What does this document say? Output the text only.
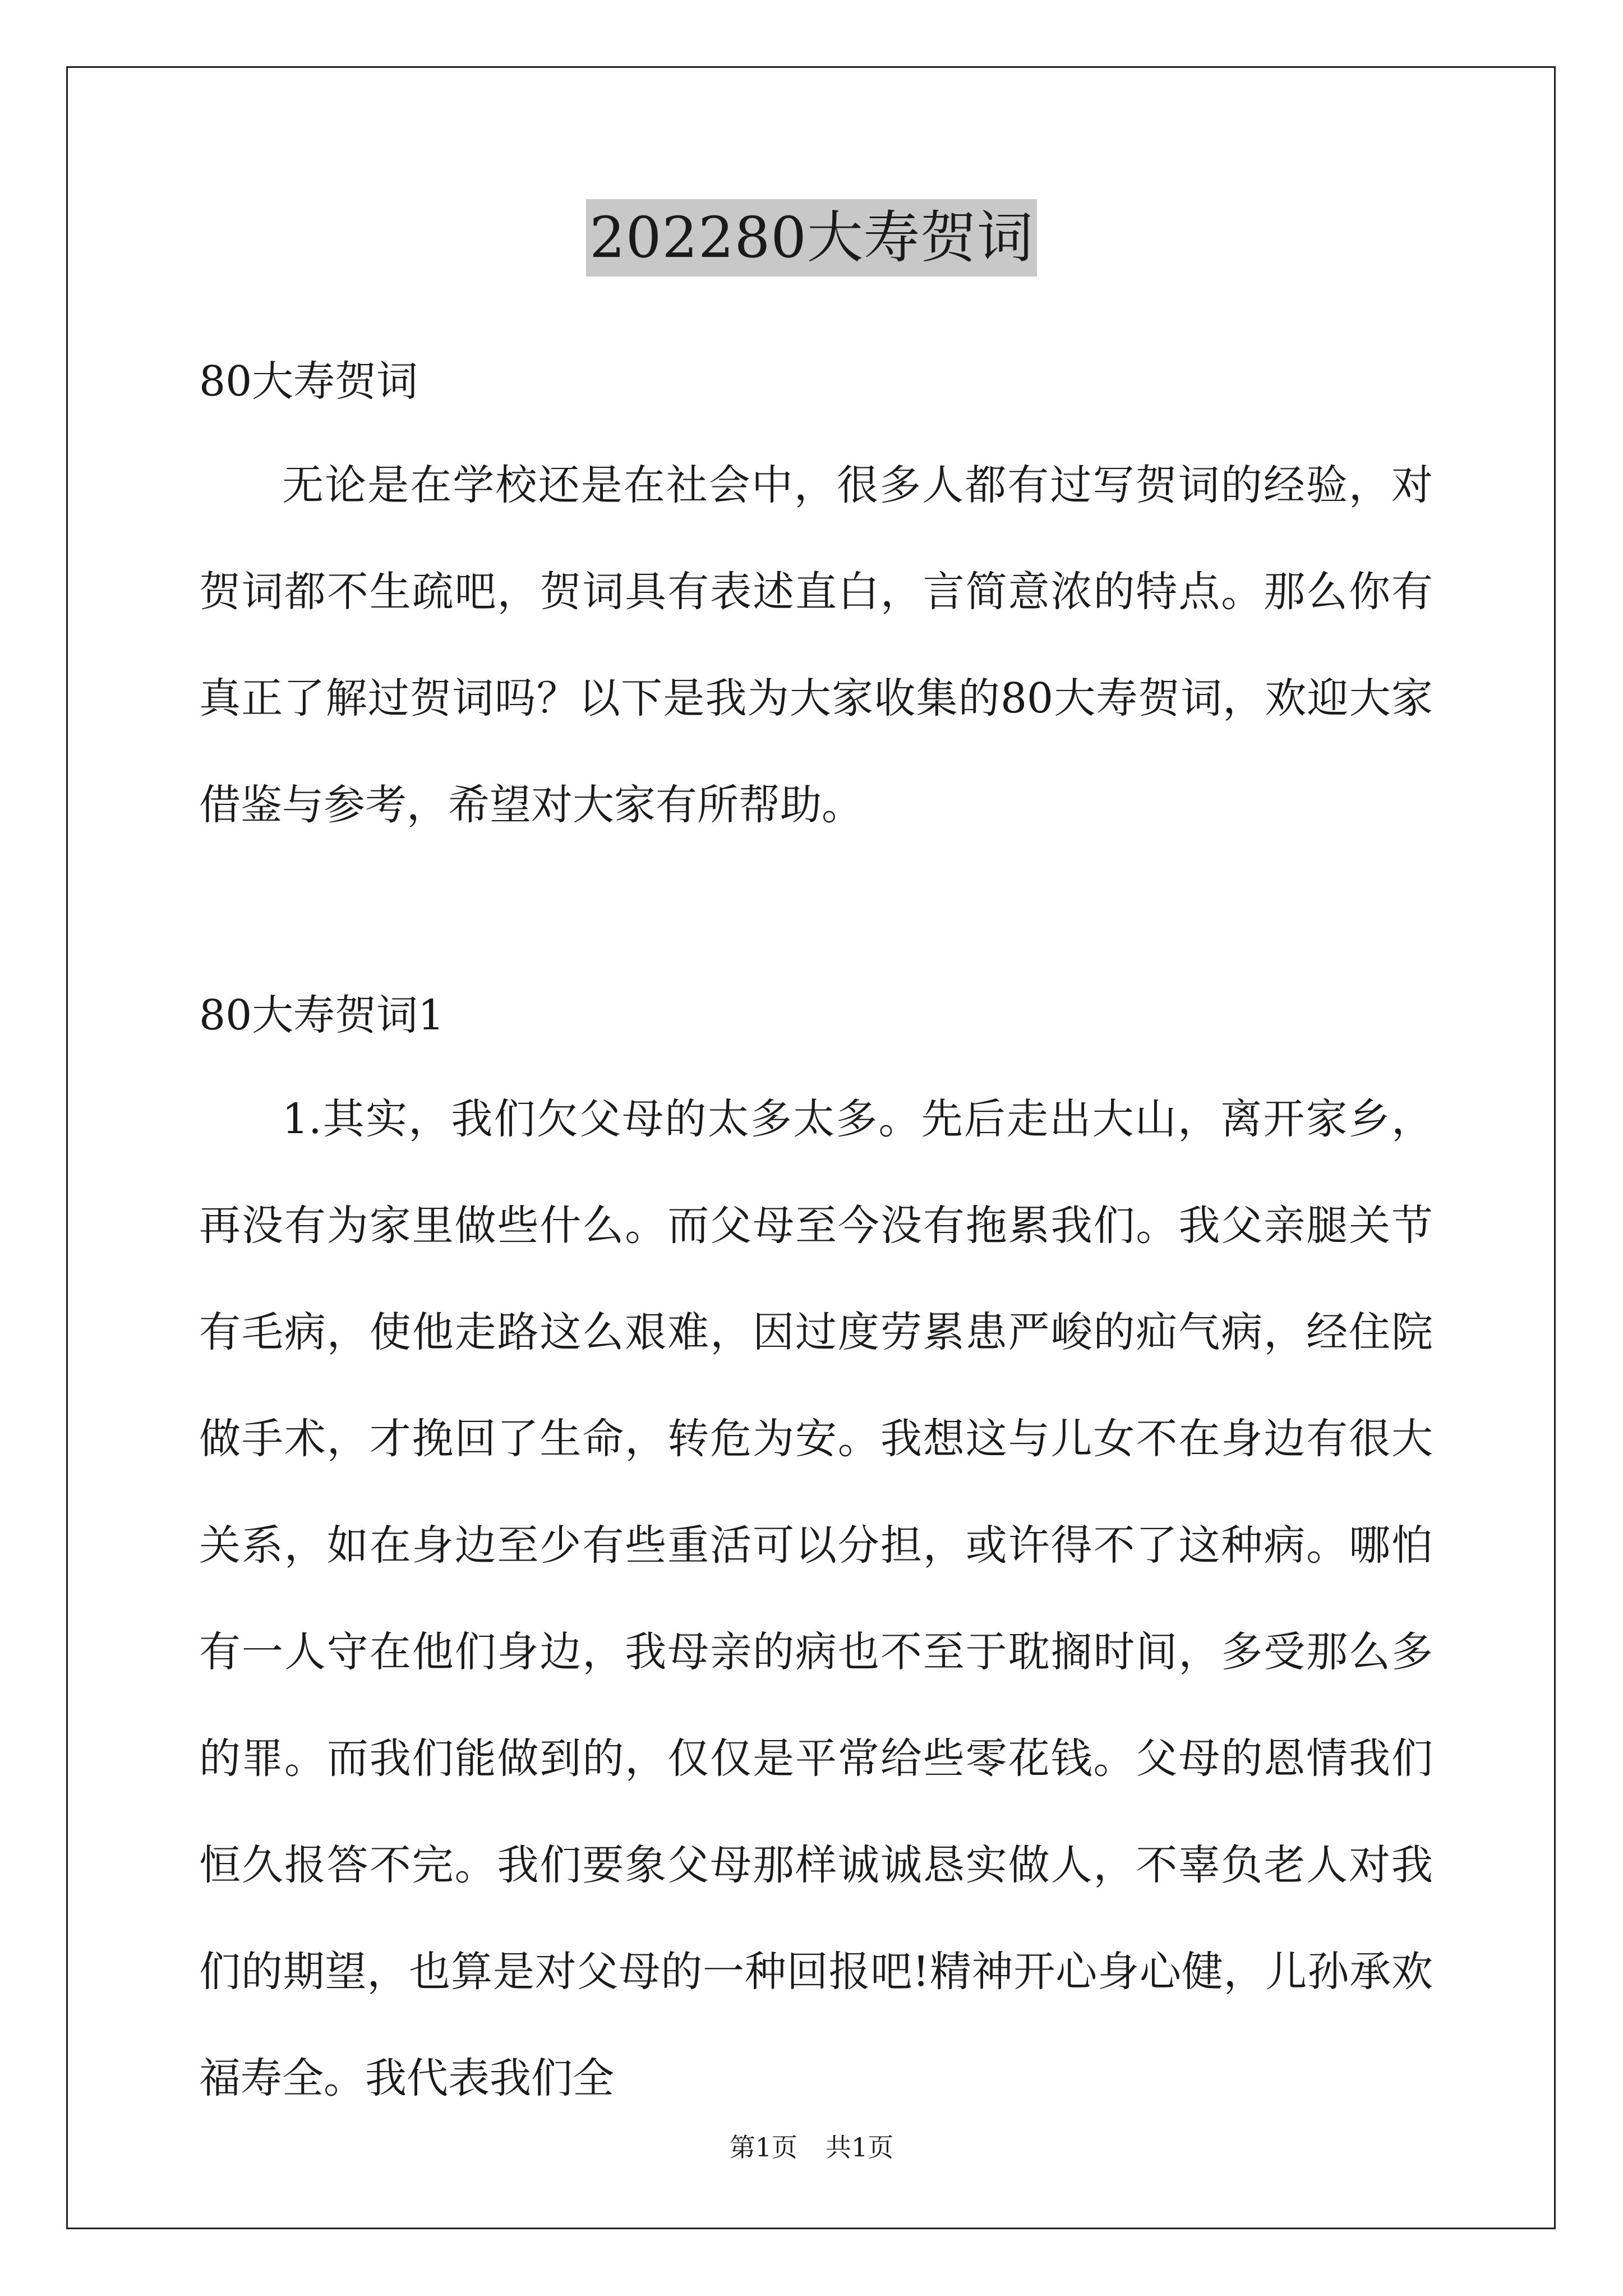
202280大寿贺词

80大寿贺词

无论是在学校还是在社会中，很多人都有过写贺词的经验，对贺词都不生疏吧，贺词具有表述直白，言简意浓的特点。那么你有真正了解过贺词吗？以下是我为大家收集的80大寿贺词，欢迎大家借鉴与参考，希望对大家有所帮助。

80大寿贺词1

1.其实，我们欠父母的太多太多。先后走出大山，离开家乡，再没有为家里做些什么。而父母至今没有拖累我们。我父亲腿关节有毛病，使他走路这么艰难，因过度劳累患严峻的疝气病，经住院做手术，才挽回了生命，转危为安。我想这与儿女不在身边有很大关系，如在身边至少有些重活可以分担，或许得不了这种病。哪怕有一人守在他们身边，我母亲的病也不至于耽搁时间，多受那么多的罪。而我们能做到的，仅仅是平常给些零花钱。父母的恩情我们恒久报答不完。我们要象父母那样诚诚恳实做人，不辜负老人对我们的期望，也算是对父母的一种回报吧!精神开心身心健，儿孙承欢福寿全。我代表我们全

第1页 共1页
